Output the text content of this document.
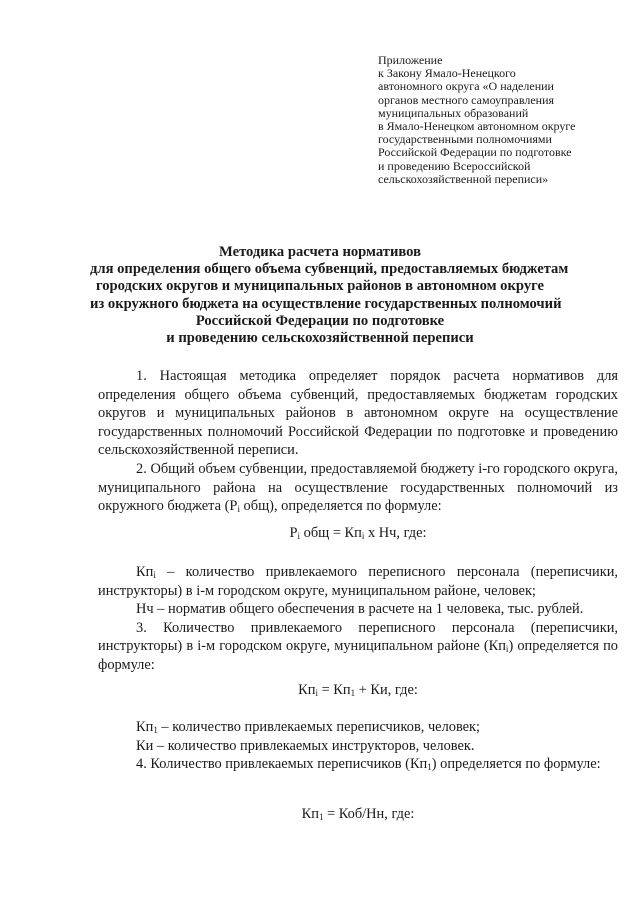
Приложение
к Закону Ямало-Ненецкого
автономного округа «О наделении
органов местного самоуправления
муниципальных образований
в Ямало-Ненецком автономном округе
государственными полномочиями
Российской Федерации по подготовке
и проведению Всероссийской
сельскохозяйственной переписи»
Методика расчета нормативов
для определения общего объема субвенций, предоставляемых бюджетам
городских округов и муниципальных районов в автономном округе
из окружного бюджета на осуществление государственных полномочий
Российской Федерации по подготовке
и проведению сельскохозяйственной переписи

1. Настоящая методика определяет порядок расчета нормативов для определения общего объема субвенций, предоставляемых бюджетам городских округов и муниципальных районов в автономном округе на осуществление государственных полномочий Российской Федерации по подготовке и проведению сельскохозяйственной переписи.

2. Общий объем субвенции, предоставляемой бюджету i-го городского округа, муниципального района на осуществление государственных полномочий из окружного бюджета ($P_i$ общ), определяется по формуле:

$P_i$ общ = $Кп_i$ х Нч, где:

$Кп_i$ – количество привлекаемого переписного персонала (переписчики, инструкторы) в i-м городском округе, муниципальном районе, человек;

Нч – норматив общего обеспечения в расчете на 1 человека, тыс. рублей.

3. Количество привлекаемого переписного персонала (переписчики, инструкторы) в i-м городском округе, муниципальном районе $(Кп_i)$ определяется по формуле:

$Кп_i = Кп_1$ + Ки, где:

$Кп_1$ – количество привлекаемых переписчиков, человек;

Ки – количество привлекаемых инструкторов, человек.

4. Количество привлекаемых переписчиков $(Кп_1)$ определяется по формуле:

$Кп_1 = Коб/Нн$, где:
